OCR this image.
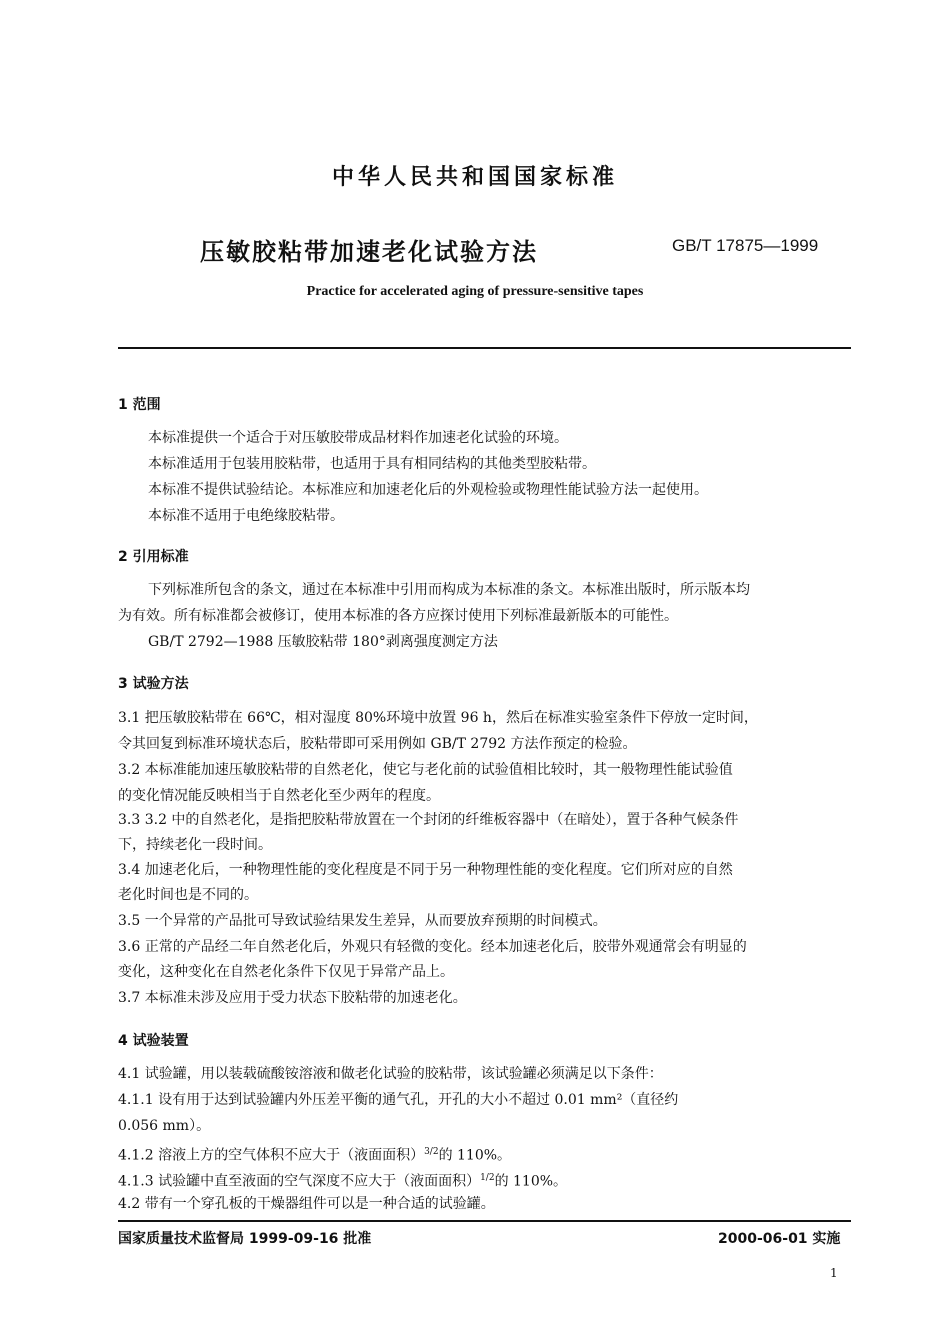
中华人民共和国国家标准
压敏胶粘带加速老化试验方法	GB/T 17875—1999
Practice for accelerated aging of pressure-sensitive tapes
1 范围
本标准提供一个适合于对压敏胶带成品材料作加速老化试验的环境。
本标准适用于包装用胶粘带，也适用于具有相同结构的其他类型胶粘带。
本标准不提供试验结论。本标准应和加速老化后的外观检验或物理性能试验方法一起使用。
本标准不适用于电绝缘胶粘带。
2 引用标准
下列标准所包含的条文，通过在本标准中引用而构成为本标准的条文。本标准出版时，所示版本均
为有效。所有标准都会被修订，使用本标准的各方应探讨使用下列标准最新版本的可能性。
GB/T 2792—1988 压敏胶粘带 180°剥离强度测定方法
3 试验方法
3.1 把压敏胶粘带在 66℃，相对湿度 80%环境中放置 96 h，然后在标准实验室条件下停放一定时间，
令其回复到标准环境状态后，胶粘带即可采用例如 GB/T 2792 方法作预定的检验。
3.2 本标准能加速压敏胶粘带的自然老化，使它与老化前的试验值相比较时，其一般物理性能试验值
的变化情况能反映相当于自然老化至少两年的程度。
3.3 3.2 中的自然老化，是指把胶粘带放置在一个封闭的纤维板容器中（在暗处），置于各种气候条件
下，持续老化一段时间。
3.4 加速老化后，一种物理性能的变化程度是不同于另一种物理性能的变化程度。它们所对应的自然
老化时间也是不同的。
3.5 一个异常的产品批可导致试验结果发生差异，从而要放弃预期的时间模式。
3.6 正常的产品经二年自然老化后，外观只有轻微的变化。经本加速老化后，胶带外观通常会有明显的
变化，这种变化在自然老化条件下仅见于异常产品上。
3.7 本标准未涉及应用于受力状态下胶粘带的加速老化。
4 试验装置
4.1 试验罐，用以装载硫酸铵溶液和做老化试验的胶粘带，该试验罐必须满足以下条件：
4.1.1 设有用于达到试验罐内外压差平衡的通气孔，开孔的大小不超过 0.01 mm²（直径约
0.056 mm）。
4.1.2 溶液上方的空气体积不应大于（液面面积）$^{3/2}$的 110%。
4.1.3 试验罐中直至液面的空气深度不应大于（液面面积）$^{1/2}$的 110%。
4.2 带有一个穿孔板的干燥器组件可以是一种合适的试验罐。
国家质量技术监督局 1999-09-16 批准	2000-06-01 实施
1
